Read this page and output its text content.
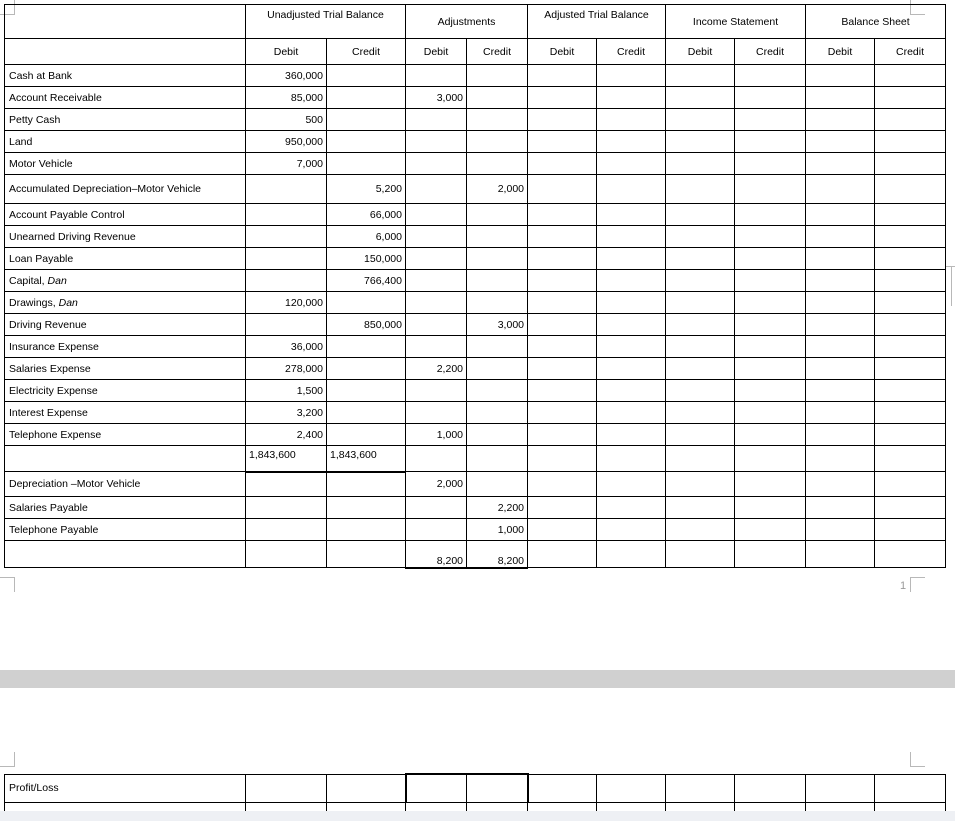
1
	Unadjusted Trial Balance		Adjustments		Adjusted Trial Balance		Income Statement		Balance Sheet	
	Debit	Credit	Debit	Credit	Debit	Credit	Debit	Credit	Debit	Credit
Cash at Bank	360,000									
Account Receivable	85,000		3,000							
Petty Cash	500									
Land	950,000									
Motor Vehicle	7,000									
Accumulated Depreciation–Motor Vehicle		5,200		2,000						
Account Payable Control		66,000								
Unearned Driving Revenue		6,000								
Loan Payable		150,000								
Capital, Dan		766,400								
Drawings, Dan	120,000									
Driving Revenue		850,000		3,000						
Insurance Expense	36,000									
Salaries Expense	278,000		2,200							
Electricity Expense	1,500									
Interest Expense	3,200									
Telephone Expense	2,400		1,000							
	1,843,600	1,843,600								
Depreciation –Motor Vehicle			2,000							
Salaries Payable				2,200						
Telephone Payable				1,000						
			8,200	8,200						
Profit/Loss										
